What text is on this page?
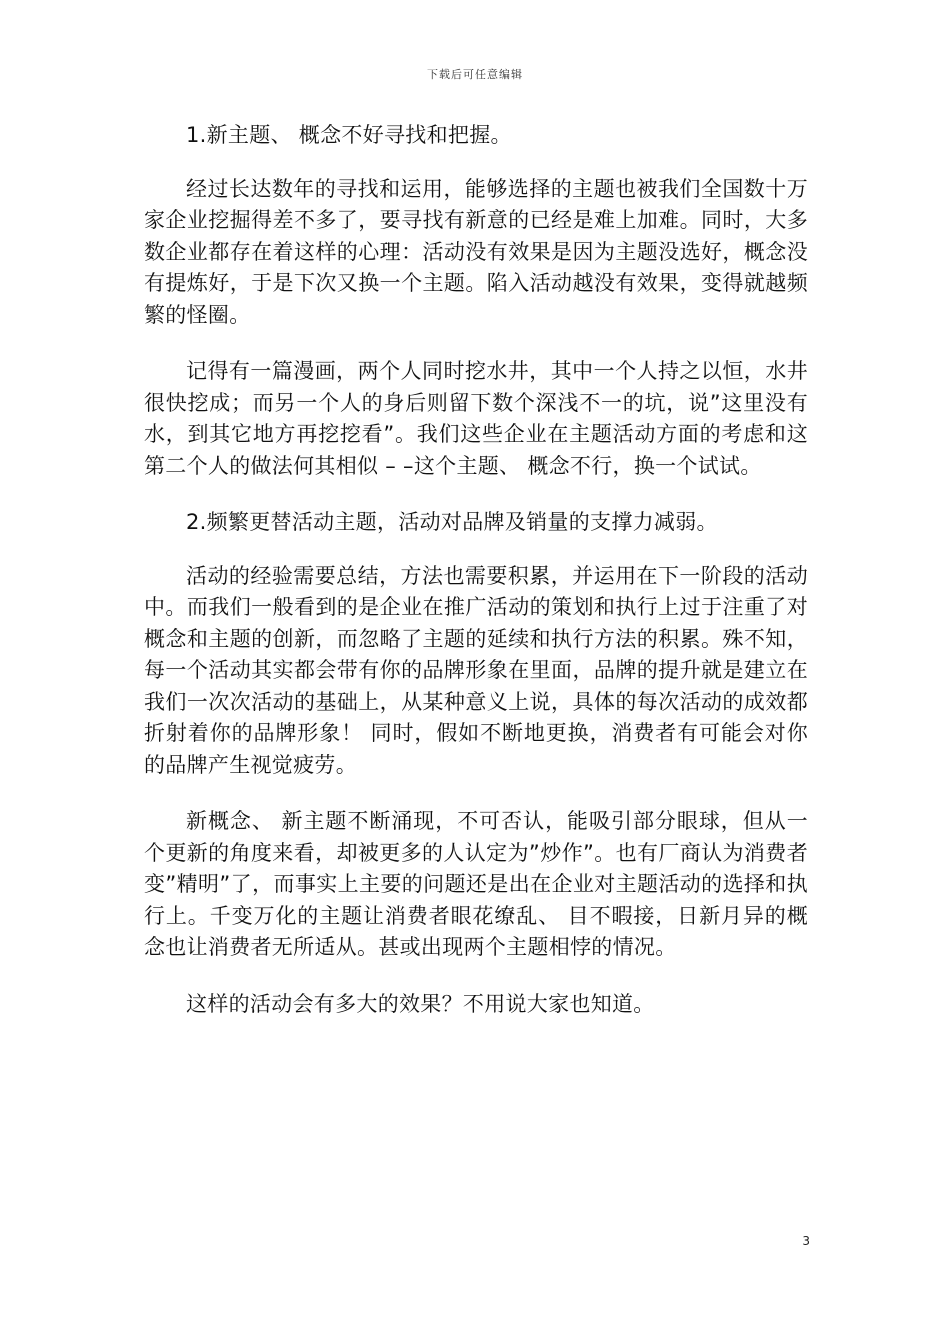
下载后可任意编辑

1.新主题、 概念不好寻找和把握。

经过长达数年的寻找和运用，能够选择的主题也被我们全国数十万家企业挖掘得差不多了，要寻找有新意的已经是难上加难。同时，大多数企业都存在着这样的心理：活动没有效果是因为主题没选好，概念没有提炼好，于是下次又换一个主题。陷入活动越没有效果，变得就越频繁的怪圈。

记得有一篇漫画，两个人同时挖水井，其中一个人持之以恒，水井很快挖成；而另一个人的身后则留下数个深浅不一的坑，说”这里没有水，到其它地方再挖挖看”。我们这些企业在主题活动方面的考虑和这第二个人的做法何其相似 – –这个主题、 概念不行，换一个试试。

2.频繁更替活动主题，活动对品牌及销量的支撑力减弱。

活动的经验需要总结，方法也需要积累，并运用在下一阶段的活动中。而我们一般看到的是企业在推广活动的策划和执行上过于注重了对概念和主题的创新，而忽略了主题的延续和执行方法的积累。殊不知，每一个活动其实都会带有你的品牌形象在里面，品牌的提升就是建立在我们一次次活动的基础上，从某种意义上说，具体的每次活动的成效都折射着你的品牌形象！ 同时，假如不断地更换，消费者有可能会对你的品牌产生视觉疲劳。

新概念、 新主题不断涌现，不可否认，能吸引部分眼球，但从一个更新的角度来看，却被更多的人认定为”炒作”。也有厂商认为消费者变”精明”了，而事实上主要的问题还是出在企业对主题活动的选择和执行上。千变万化的主题让消费者眼花缭乱、 目不暇接，日新月异的概念也让消费者无所适从。甚或出现两个主题相悖的情况。

这样的活动会有多大的效果？不用说大家也知道。

3
